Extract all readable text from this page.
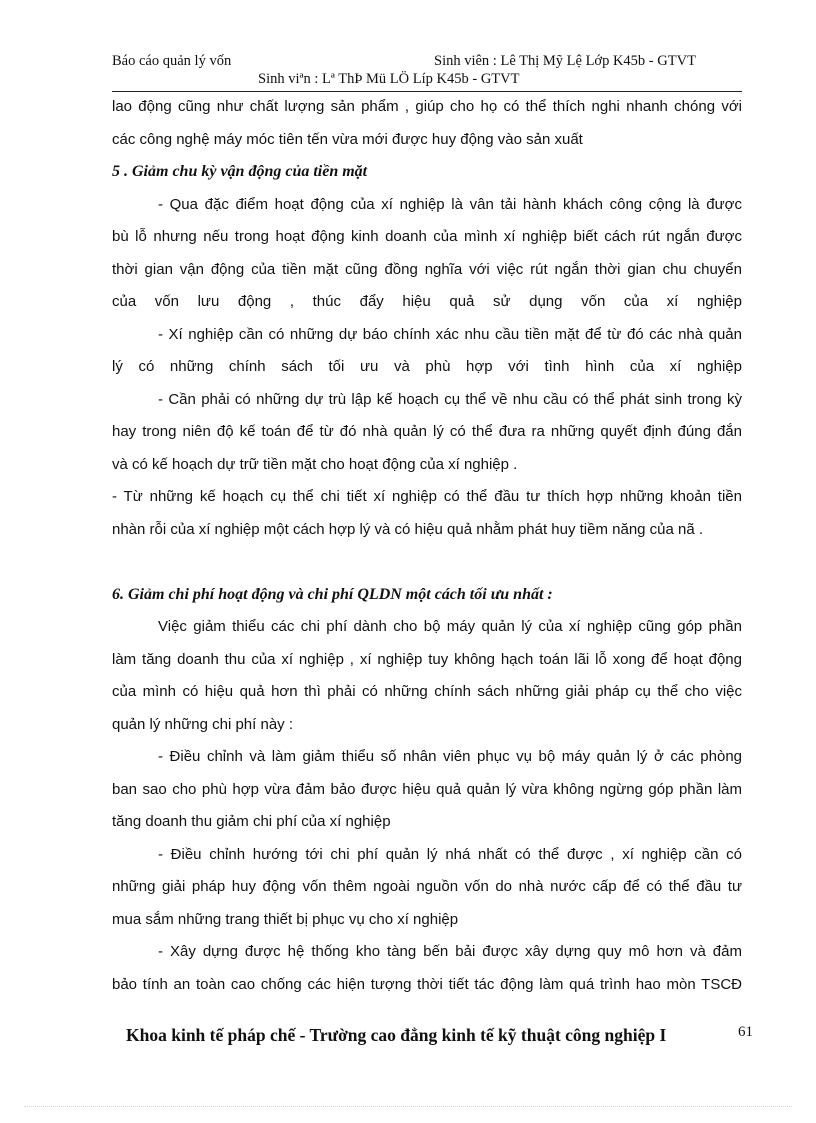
Báo cáo quản lý vốn	Sinh viên : Lê Thị Mỹ Lệ Lớp K45b - GTVT
Sinh viªn : Lª ThÞ Mü LÖ Líp K45b - GTVT
lao động cũng như chất lượng sản phẩm , giúp cho họ có thể thích nghi nhanh chóng với
các công nghệ máy móc tiên tến vừa mới được huy động vào sản xuất
5 . Giảm chu kỳ vận động của tiền mặt
- Qua đặc điểm hoạt động của xí nghiệp là vân tải hành khách công cộng là được
bù lỗ nhưng nếu trong hoạt động kinh doanh của mình xí nghiệp biết cách rút ngắn được
thời gian vận động của tiền mặt cũng đồng nghĩa với việc rút ngắn thời gian chu chuyển
của vốn lưu động , thúc đẩy hiệu quả sử dụng vốn của xí nghiệp
- Xí nghiệp cần có những dự báo chính xác nhu cầu tiền mặt để từ đó các nhà quản
lý có những chính sách tối ưu và phù hợp với tình hình của xí nghiệp
- Cần phải có những dự trù lập kế hoạch cụ thể về nhu cầu có thể phát sinh trong kỳ
hay trong niên độ kế toán để từ đó nhà quản lý có thể đưa ra những quyết định đúng đắn
và có kế hoạch dự trữ tiền mặt cho hoạt động của xí nghiệp .
- Từ những kế hoạch cụ thể chi tiết xí nghiệp có thể đầu tư thích hợp những khoản tiền
nhàn rỗi của xí nghiệp một cách hợp lý và có hiệu quả nhằm phát huy tiềm năng của nã .
6. Giảm chi phí hoạt động và chi phí QLDN một cách tối ưu nhất :
Việc giảm thiểu các chi phí dành cho bộ máy quản lý của xí nghiệp cũng góp phần
làm tăng doanh thu của xí nghiệp , xí nghiệp tuy không hạch toán lãi lỗ xong để hoạt động
của mình có hiệu quả hơn thì phải có những chính sách những giải pháp cụ thể cho việc
quản lý những chi phí này :
- Điều chỉnh và làm giảm thiểu số nhân viên phục vụ bộ máy quản lý ở các phòng
ban sao cho phù hợp vừa đảm bảo được hiệu quả quản lý vừa không ngừng góp phần làm
tăng doanh thu giảm chi phí của xí nghiệp
- Điều chỉnh hướng tới chi phí quản lý nhá nhất có thể được , xí nghiệp cần có
những giải pháp huy động vốn thêm ngoài nguồn vốn do nhà nước cấp để có thể đầu tư
mua sắm những trang thiết bị phục vụ cho xí nghiệp
- Xây dựng được hệ thống kho tàng bến bải được xây dựng quy mô hơn và đảm
bảo tính an toàn cao chống các hiện tượng thời tiết tác động làm quá trình hao mòn TSCĐ
Khoa kinh tế pháp chế - Trường cao đẳng kinh tế kỹ thuật công nghiệp I	61
